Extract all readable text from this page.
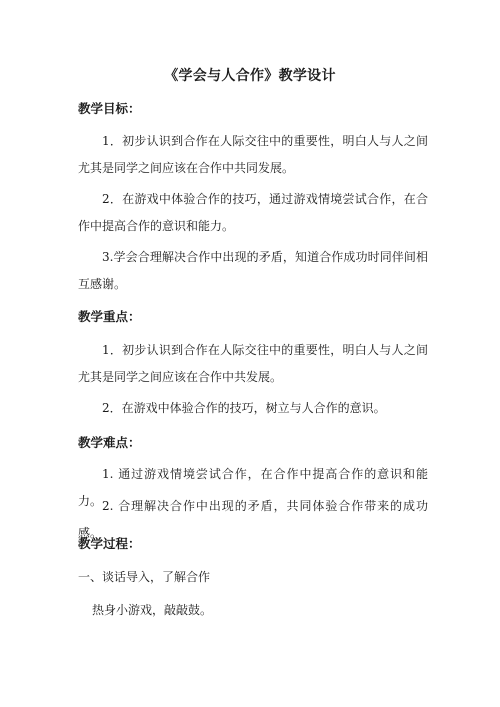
《学会与人合作》教学设计
教学目标：

1．初步认识到合作在人际交往中的重要性，明白人与人之间尤其是同学之间应该在合作中共同发展。

2．在游戏中体验合作的技巧，通过游戏情境尝试合作，在合作中提高合作的意识和能力。

3.学会合理解决合作中出现的矛盾，知道合作成功时同伴间相互感谢。

教学重点：

1．初步认识到合作在人际交往中的重要性，明白人与人之间尤其是同学之间应该在合作中共发展。

2．在游戏中体验合作的技巧，树立与人合作的意识。

教学难点：

1. 通过游戏情境尝试合作，在合作中提高合作的意识和能力。 2. 合理解决合作中出现的矛盾，共同体验合作带来的成功感。

教学过程：
一、谈话导入，了解合作
热身小游戏，敲敲鼓。
